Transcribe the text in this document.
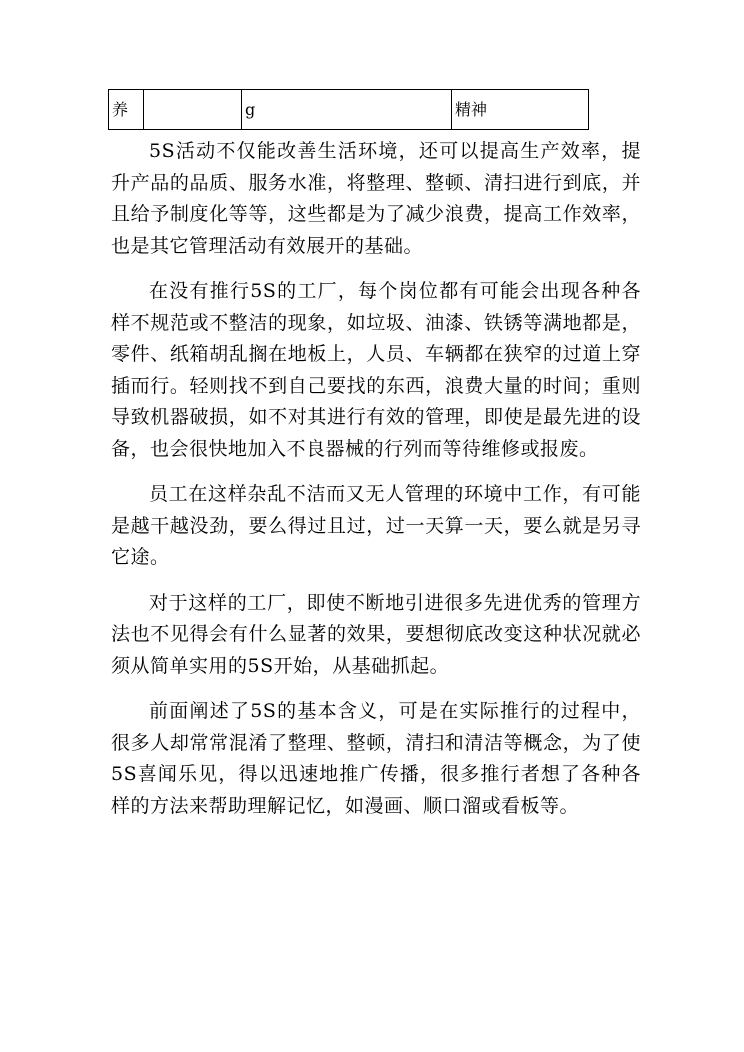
养		g	精神

5S活动不仅能改善生活环境，还可以提高生产效率，提升产品的品质、服务水准，将整理、整顿、清扫进行到底，并且给予制度化等等，这些都是为了减少浪费，提高工作效率，也是其它管理活动有效展开的基础。

在没有推行5S的工厂，每个岗位都有可能会出现各种各样不规范或不整洁的现象，如垃圾、油漆、铁锈等满地都是，零件、纸箱胡乱搁在地板上，人员、车辆都在狭窄的过道上穿插而行。轻则找不到自己要找的东西，浪费大量的时间；重则导致机器破损，如不对其进行有效的管理，即使是最先进的设备，也会很快地加入不良器械的行列而等待维修或报废。

员工在这样杂乱不洁而又无人管理的环境中工作，有可能是越干越没劲，要么得过且过，过一天算一天，要么就是另寻它途。

对于这样的工厂，即使不断地引进很多先进优秀的管理方法也不见得会有什么显著的效果，要想彻底改变这种状况就必须从简单实用的5S开始，从基础抓起。

前面阐述了5S的基本含义，可是在实际推行的过程中，很多人却常常混淆了整理、整顿，清扫和清洁等概念，为了使5S喜闻乐见，得以迅速地推广传播，很多推行者想了各种各样的方法来帮助理解记忆，如漫画、顺口溜或看板等。
